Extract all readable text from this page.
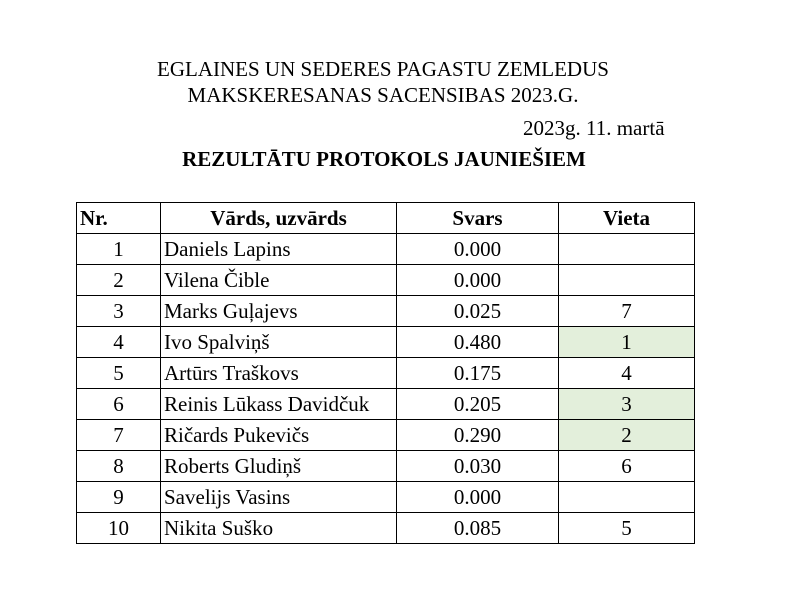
EGLAINES UN SEDERES PAGASTU ZEMLEDUS
MAKSKERESANAS SACENSIBAS 2023.G.
2023g. 11. martā
REZULTĀTU PROTOKOLS JAUNIEŠIEM
Nr.	Vārds, uzvārds	Svars	Vieta
1	Daniels Lapins	0.000	
2	Vilena Čible	0.000	
3	Marks Guļajevs	0.025	7
4	Ivo Spalviņš	0.480	1
5	Artūrs Traškovs	0.175	4
6	Reinis Lūkass Davidčuk	0.205	3
7	Ričards Pukevičs	0.290	2
8	Roberts Gludiņš	0.030	6
9	Savelijs Vasins	0.000	
10	Nikita Suško	0.085	5
